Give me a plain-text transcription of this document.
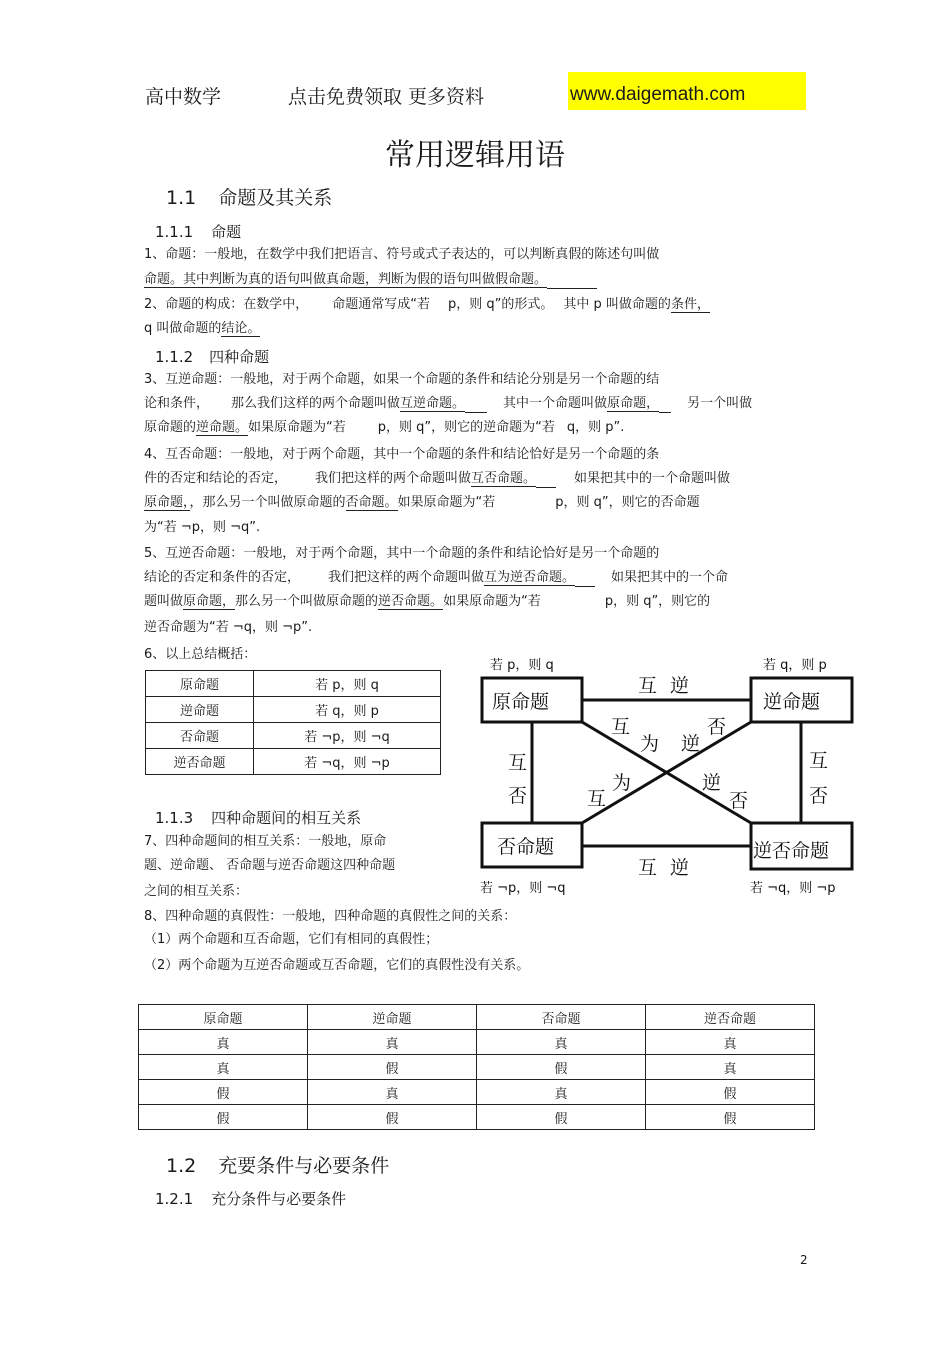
高中数学	点击免费领取 更多资料	www.daigemath.com
常用逻辑用语
1.1 命题及其关系
1.1.1 命题
1、命题：一般地，在数学中我们把语言、符号或式子表达的，可以判断真假的陈述句叫做
命题。其中判断为真的语句叫做真命题，判断为假的语句叫做假命题。
2、命题的构成：在数学中， 命题通常写成“若 p，则 q”的形式。 其中 p 叫做命题的条件，
q 叫做命题的结论。
1.1.2 四种命题
3、互逆命题：一般地，对于两个命题，如果一个命题的条件和结论分别是另一个命题的结
论和条件， 那么我们这样的两个命题叫做互逆命题。	其中一个命题叫做原命题， 另一个叫做
原命题的逆命题。如果原命题为“若 p，则 q”，则它的逆命题为“若 q，则 p”.
4、互否命题：一般地，对于两个命题，其中一个命题的条件和结论恰好是另一个命题的条
件的否定和结论的否定， 我们把这样的两个命题叫做互否命题。	如果把其中的一个命题叫做
原命题，，那么另一个叫做原命题的否命题。如果原命题为“若	p，则 q”，则它的否命题
为“若 ¬p，则 ¬q”.
5、互逆否命题：一般地，对于两个命题，其中一个命题的条件和结论恰好是另一个命题的
结论的否定和条件的否定， 我们把这样的两个命题叫做互为逆否命题。	如果把其中的一个命
题叫做原命题，那么另一个叫做原命题的逆否命题。如果原命题为“若	p，则 q”，则它的
逆否命题为“若 ¬q，则 ¬p”.
6、以上总结概括：
原命题	若 p，则 q
逆命题	若 q，则 p
否命题	若 ¬p，则 ¬q
逆否命题	若 ¬q，则 ¬p
若 p，则 q	若 q，则 p
若 ¬p，则 ¬q	若 ¬q，则 ¬p
原命题	逆命题
否命题	逆否命题
互 逆
互 逆
互
否
互
否
互
为 逆
否
互
为	逆
否
1.1.3 四种命题间的相互关系
7、四种命题间的相互关系：一般地，原命
题、逆命题、 否命题与逆否命题这四种命题
之间的相互关系：
8、四种命题的真假性：一般地，四种命题的真假性之间的关系：
（1）两个命题和互否命题，它们有相同的真假性；
（2）两个命题为互逆否命题或互否命题，它们的真假性没有关系。
原命题	逆命题	否命题	逆否命题
真	真	真	真
真	假	假	真
假	真	真	假
假	假	假	假
1.2 充要条件与必要条件
1.2.1 充分条件与必要条件
2
